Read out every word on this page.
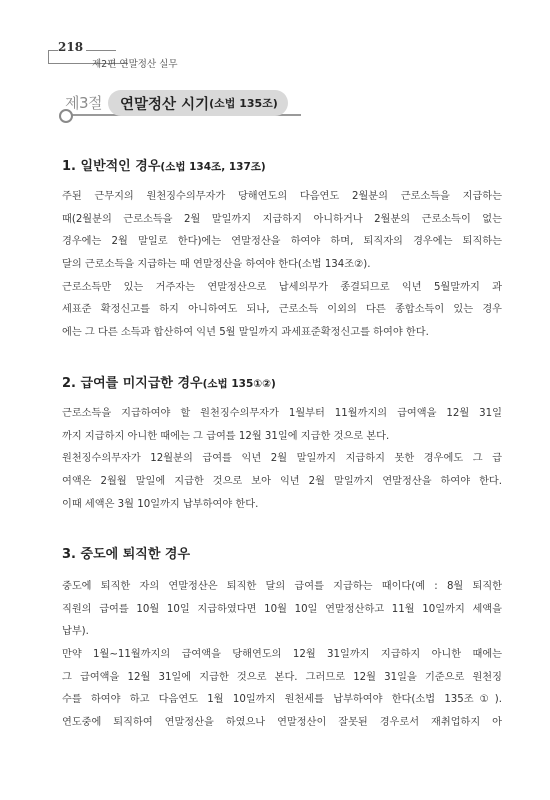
218
제2편 연말정산 실무
제3절 연말정산 시기 (소법 135조)
1. 일반적인 경우(소법 134조, 137조)
주된 근무지의 원천징수의무자가 당해연도의 다음연도 2월분의 근로소득을 지급하는
때(2월분의 근로소득을 2월 말일까지 지급하지 아니하거나 2월분의 근로소득이 없는
경우에는 2월 말일로 한다)에는 연말정산을 하여야 하며, 퇴직자의 경우에는 퇴직하는
달의 근로소득을 지급하는 때 연말정산을 하여야 한다(소법 134조②).
근로소득만 있는 거주자는 연말정산으로 납세의무가 종결되므로 익년 5월말까지 과
세표준 확정신고를 하지 아니하여도 되나, 근로소득 이외의 다른 종합소득이 있는 경우
에는 그 다른 소득과 합산하여 익년 5월 말일까지 과세표준확정신고를 하여야 한다.
2. 급여를 미지급한 경우(소법 135①②)
근로소득을 지급하여야 할 원천징수의무자가 1월부터 11월까지의 급여액을 12월 31일
까지 지급하지 아니한 때에는 그 급여를 12월 31일에 지급한 것으로 본다.
원천징수의무자가 12월분의 급여를 익년 2월 말일까지 지급하지 못한 경우에도 그 급
여액은 2월월 말일에 지급한 것으로 보아 익년 2월 말일까지 연말정산을 하여야 한다.
이때 세액은 3월 10일까지 납부하여야 한다.
3. 중도에 퇴직한 경우
중도에 퇴직한 자의 연말정산은 퇴직한 달의 급여를 지급하는 때이다(예 : 8월 퇴직한
직원의 급여를 10월 10일 지급하였다면 10월 10일 연말정산하고 11월 10일까지 세액을
납부).
만약 1월∼11월까지의 급여액을 당해연도의 12월 31일까지 지급하지 아니한 때에는
그 급여액을 12월 31일에 지급한 것으로 본다. 그러므로 12월 31일을 기준으로 원천징
수를 하여야 하고 다음연도 1월 10일까지 원천세를 납부하여야 한다(소법 135조①).
연도중에 퇴직하여 연말정산을 하였으나 연말정산이 잘못된 경우로서 재취업하지 아
